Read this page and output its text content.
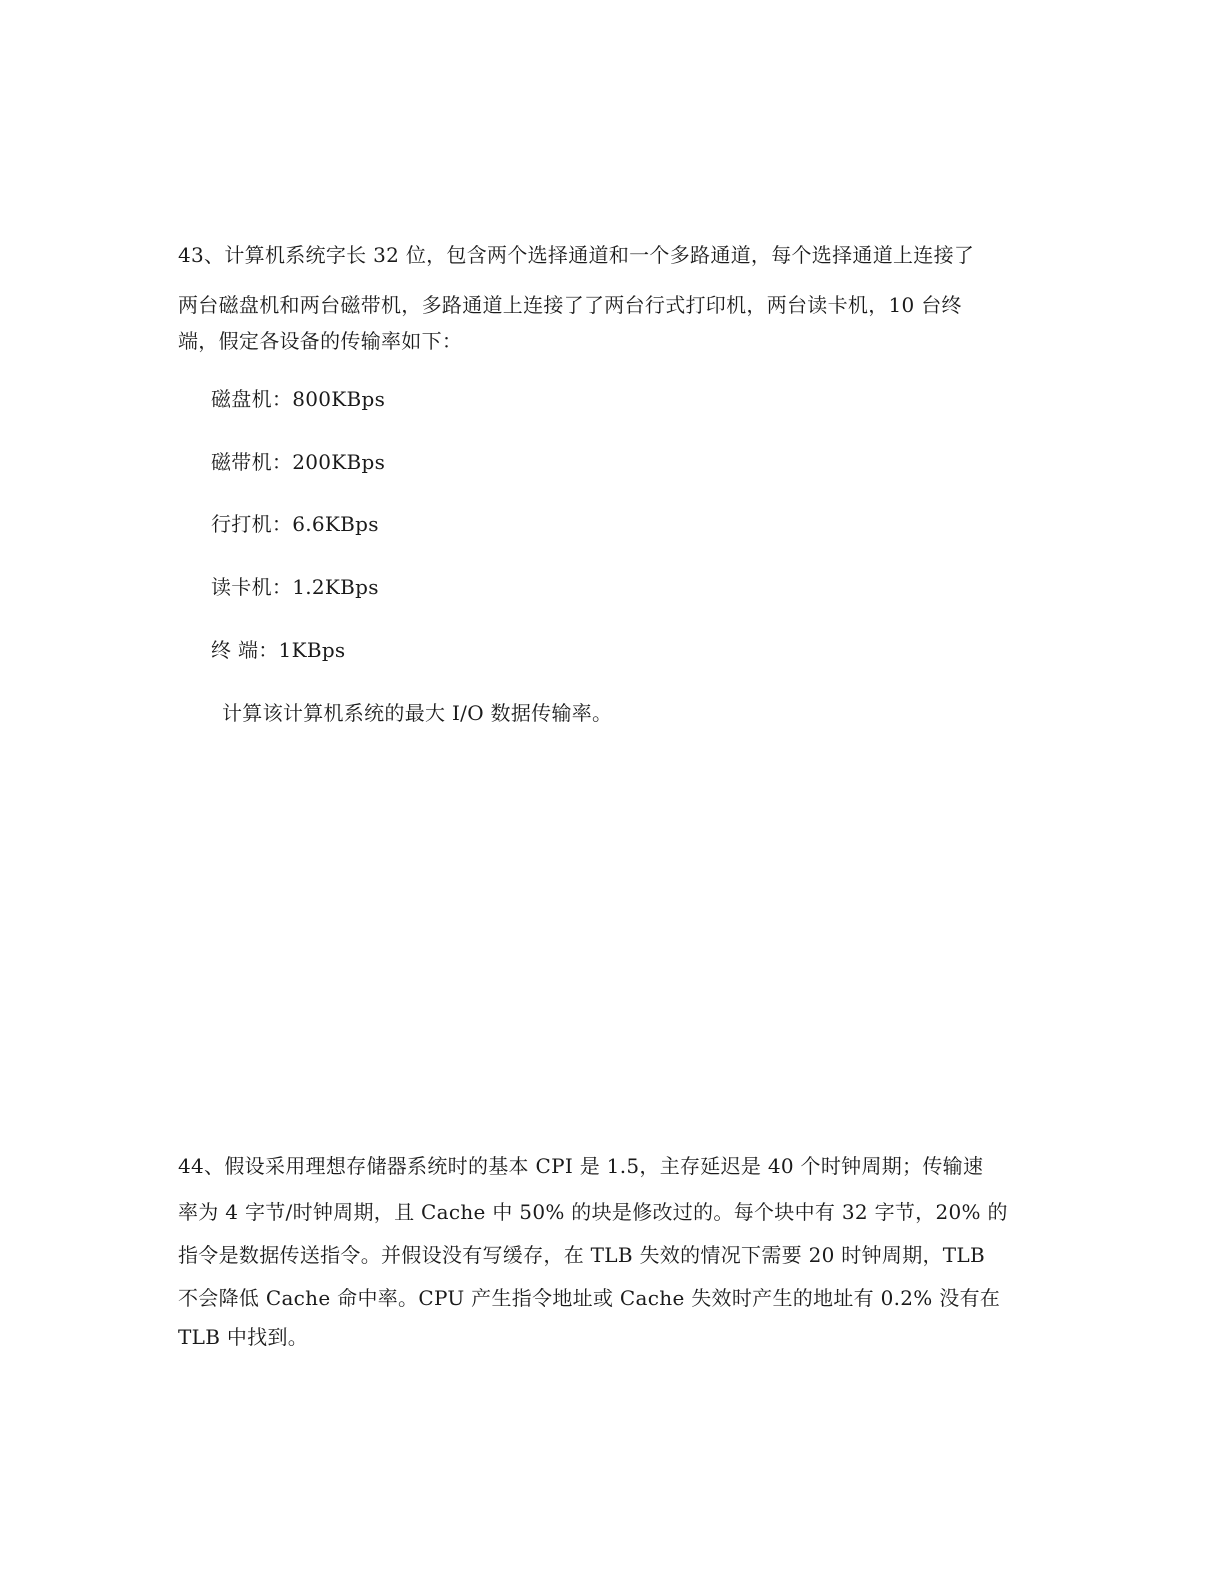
43、计算机系统字长 32 位，包含两个选择通道和一个多路通道，每个选择通道上连接了
两台磁盘机和两台磁带机，多路通道上连接了了两台行式打印机，两台读卡机，10 台终
端，假定各设备的传输率如下：
磁盘机：800KBps
磁带机：200KBps
行打机：6.6KBps
读卡机：1.2KBps
终 端：1KBps
计算该计算机系统的最大 I/O 数据传输率。
44、假设采用理想存储器系统时的基本 CPI 是 1.5，主存延迟是 40 个时钟周期；传输速
率为 4 字节/时钟周期，且 Cache 中 50% 的块是修改过的。每个块中有 32 字节，20% 的
指令是数据传送指令。并假设没有写缓存，在 TLB 失效的情况下需要 20 时钟周期，TLB
不会降低 Cache 命中率。CPU 产生指令地址或 Cache 失效时产生的地址有 0.2% 没有在
TLB 中找到。
